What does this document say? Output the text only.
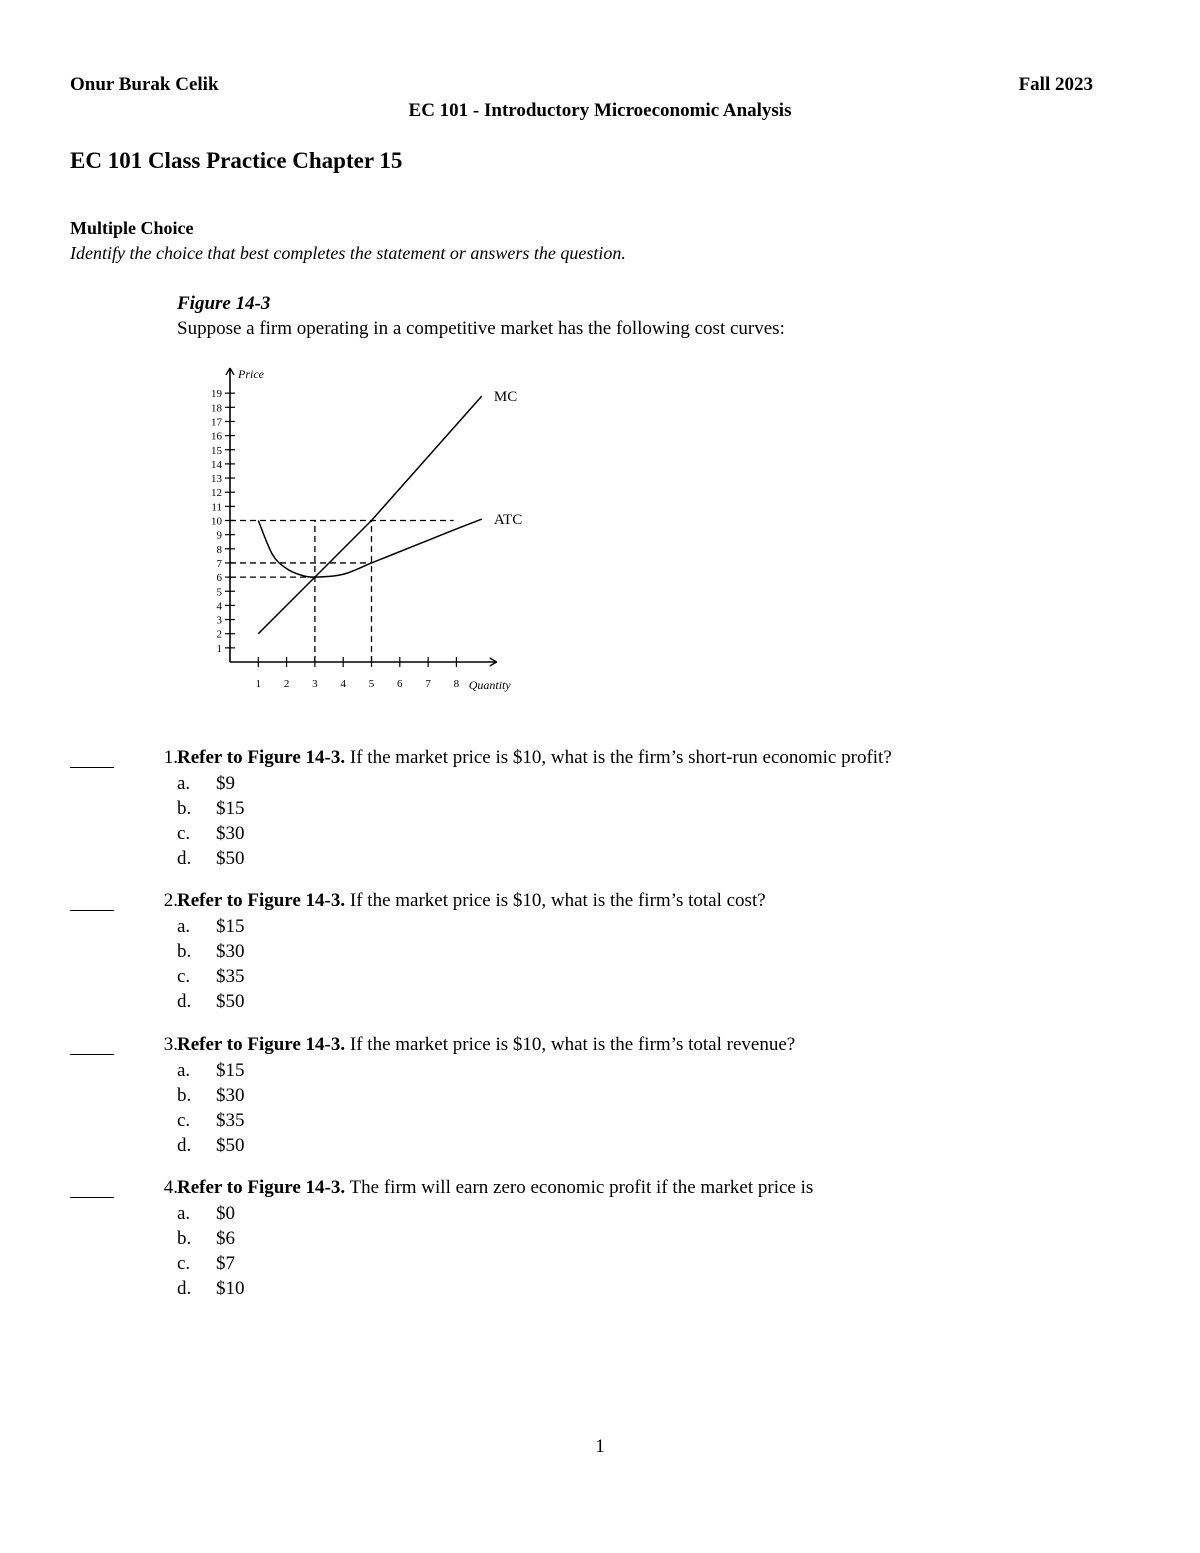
Onur Burak Celik	Fall 2023
EC 101 - Introductory Microeconomic Analysis
EC 101 Class Practice Chapter 15
Multiple Choice
Identify the choice that best completes the statement or answers the question.
Figure 14-3
Suppose a firm operating in a competitive market has the following cost curves:
Price
Quantity
1
2
3
4
5
6
7
8
9
10
11
12
13
14
15
16
17
18
19
1 2 3 4 5 6 7 8
MC
ATC
1. Refer to Figure 14-3. If the market price is $10, what is the firm’s short-run economic profit?
a.	$9
b.	$15
c.	$30
d.	$50
2. Refer to Figure 14-3. If the market price is $10, what is the firm’s total cost?
a.	$15
b.	$30
c.	$35
d.	$50
3. Refer to Figure 14-3. If the market price is $10, what is the firm’s total revenue?
a.	$15
b.	$30
c.	$35
d.	$50
4. Refer to Figure 14-3. The firm will earn zero economic profit if the market price is
a.	$0
b.	$6
c.	$7
d.	$10
1
